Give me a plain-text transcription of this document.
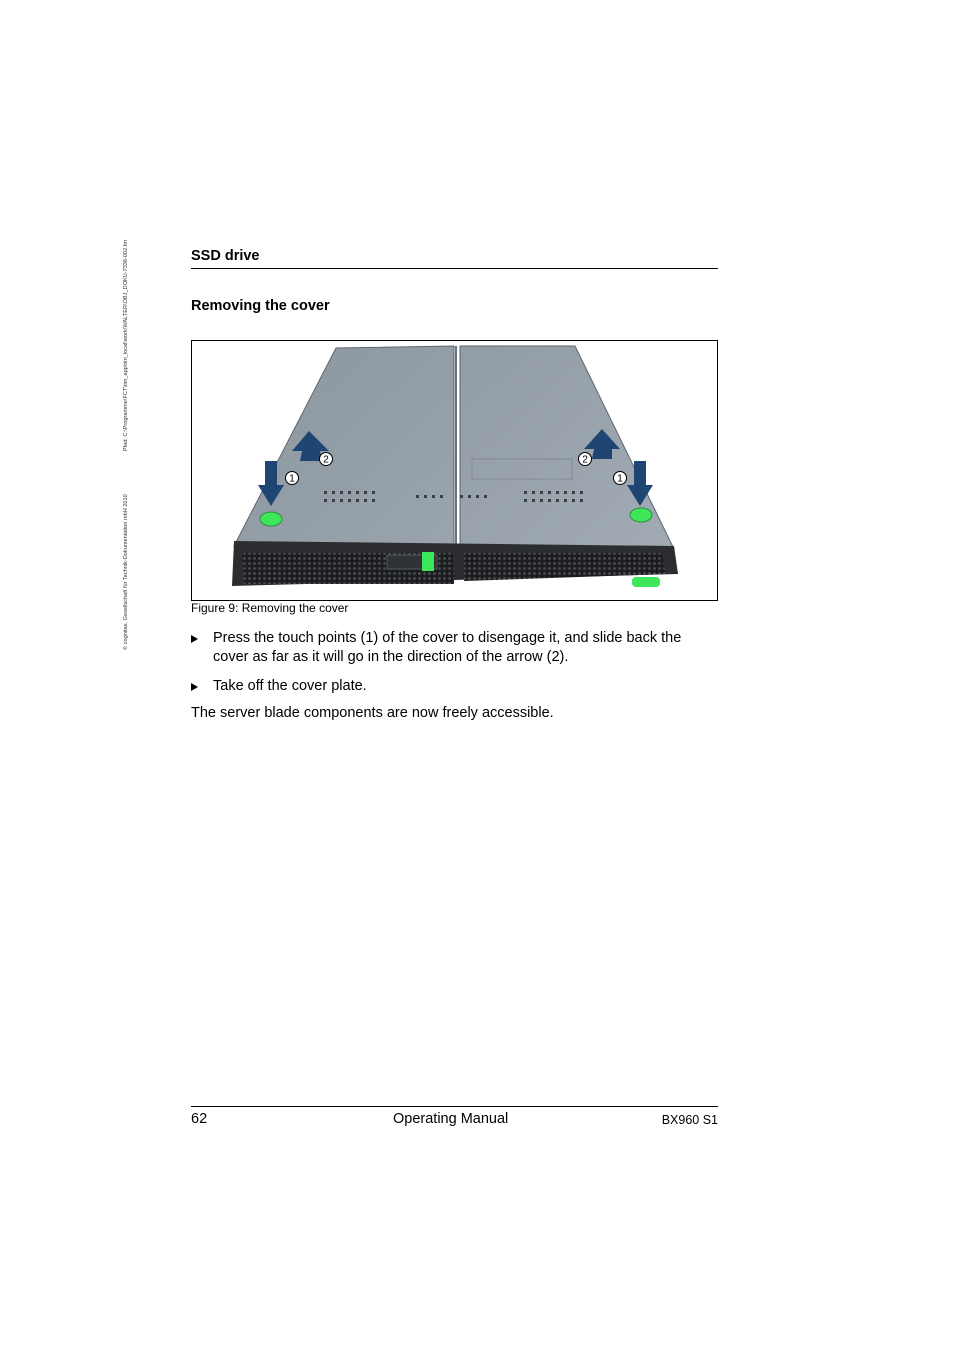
© cognitas. Gesellschaft für Technik-Dokumentation mbH 2010
Pfad: C:\Programme\FCT\tim_app\tim_local\work\WALTER\OBJ_DOKU-7336-002.fm	SSD drive
Removing the cover
2
1
2
1
Figure 9: Removing the cover
Press the touch points (1) of the cover to disengage it, and slide back the cover as far as it will go in the direction of the arrow (2).
Take off the cover plate.
The server blade components are now freely accessible.
62	Operating Manual	BX960 S1
